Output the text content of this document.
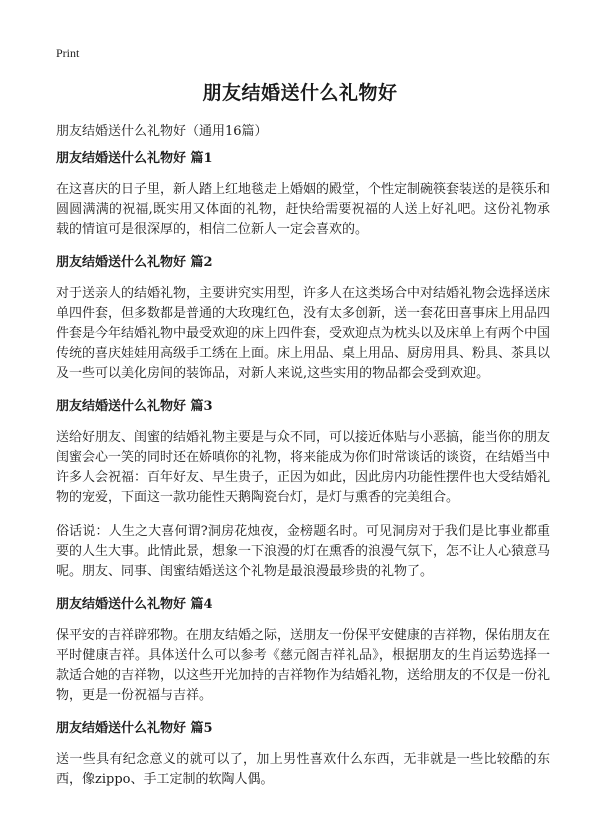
Print
朋友结婚送什么礼物好

朋友结婚送什么礼物好（通用16篇）

朋友结婚送什么礼物好 篇1

在这喜庆的日子里，新人踏上红地毯走上婚姻的殿堂，个性定制碗筷套装送的是筷乐和圆圆满满的祝福,既实用又体面的礼物，赶快给需要祝福的人送上好礼吧。这份礼物承载的情谊可是很深厚的，相信二位新人一定会喜欢的。

朋友结婚送什么礼物好 篇2

对于送亲人的结婚礼物，主要讲究实用型，许多人在这类场合中对结婚礼物会选择送床单四件套，但多数都是普通的大玫瑰红色，没有太多创新，送一套花田喜事床上用品四件套是今年结婚礼物中最受欢迎的床上四件套，受欢迎点为枕头以及床单上有两个中国传统的喜庆娃娃用高级手工绣在上面。床上用品、桌上用品、厨房用具、粉具、茶具以及一些可以美化房间的装饰品，对新人来说,这些实用的物品都会受到欢迎。

朋友结婚送什么礼物好 篇3

送给好朋友、闺蜜的结婚礼物主要是与众不同，可以接近体贴与小恶搞，能当你的朋友闺蜜会心一笑的同时还在娇嗔你的礼物，将来能成为你们时常谈话的谈资，在结婚当中许多人会祝福：百年好友、早生贵子，正因为如此，因此房内功能性摆件也大受结婚礼物的宠爱，下面这一款功能性天鹅陶瓷台灯，是灯与熏香的完美组合。

俗话说：人生之大喜何谓?洞房花烛夜，金榜题名时。可见洞房对于我们是比事业都重要的人生大事。此情此景，想象一下浪漫的灯在熏香的浪漫气氛下，怎不让人心猿意马呢。朋友、同事、闺蜜结婚送这个礼物是最浪漫最珍贵的礼物了。

朋友结婚送什么礼物好 篇4

保平安的吉祥辟邪物。在朋友结婚之际，送朋友一份保平安健康的吉祥物，保佑朋友在平时健康吉祥。具体送什么可以参考《慈元阁吉祥礼品》，根据朋友的生肖运势选择一款适合她的吉祥物，以这些开光加持的吉祥物作为结婚礼物，送给朋友的不仅是一份礼物，更是一份祝福与吉祥。

朋友结婚送什么礼物好 篇5

送一些具有纪念意义的就可以了，加上男性喜欢什么东西，无非就是一些比较酷的东西，像zippo、手工定制的软陶人偶。
